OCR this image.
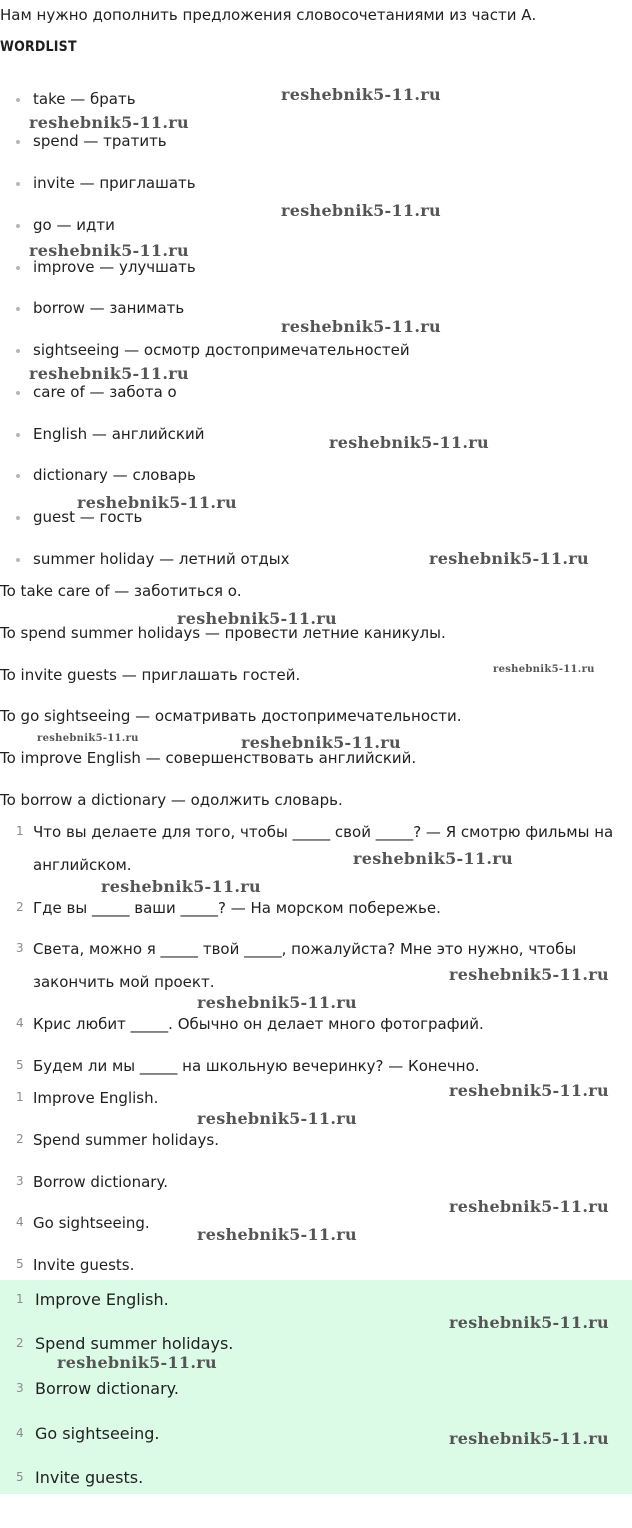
Нам нужно дополнить предложения словосочетаниями из части А.
WORDLIST
take — брать
spend — тратить
invite — приглашать
go — идти
improve — улучшать
borrow — занимать
sightseeing — осмотр достопримечательностей
care of — забота о
English — английский
dictionary — словарь
guest — гость
summer holiday — летний отдых
To take care of — заботиться о.
To spend summer holidays — провести летние каникулы.
To invite guests — приглашать гостей.
To go sightseeing — осматривать достопримечательности.
To improve English — совершенствовать английский.
To borrow a dictionary — одолжить словарь.
1 Что вы делаете для того, чтобы _____ свой _____? — Я смотрю фильмы на
английском.
2 Где вы _____ ваши _____? — На морском побережье.
3 Света, можно я _____ твой _____, пожалуйста? Мне это нужно, чтобы
закончить мой проект.
4 Крис любит _____. Обычно он делает много фотографий.
5 Будем ли мы _____ на школьную вечеринку? — Конечно.
1 Improve English.
2 Spend summer holidays.
3 Borrow dictionary.
4 Go sightseeing.
5 Invite guests.
1 Improve English.
2 Spend summer holidays.
3 Borrow dictionary.
4 Go sightseeing.
5 Invite guests.
reshebnik5-11.ru
reshebnik5-11.ru
reshebnik5-11.ru
reshebnik5-11.ru
reshebnik5-11.ru
reshebnik5-11.ru
reshebnik5-11.ru
reshebnik5-11.ru
reshebnik5-11.ru
reshebnik5-11.ru
reshebnik5-11.ru
reshebnik5-11.ru	reshebnik5-11.ru
reshebnik5-11.ru
reshebnik5-11.ru
reshebnik5-11.ru
reshebnik5-11.ru
reshebnik5-11.ru
reshebnik5-11.ru
reshebnik5-11.ru
reshebnik5-11.ru
reshebnik5-11.ru
reshebnik5-11.ru
reshebnik5-11.ru
